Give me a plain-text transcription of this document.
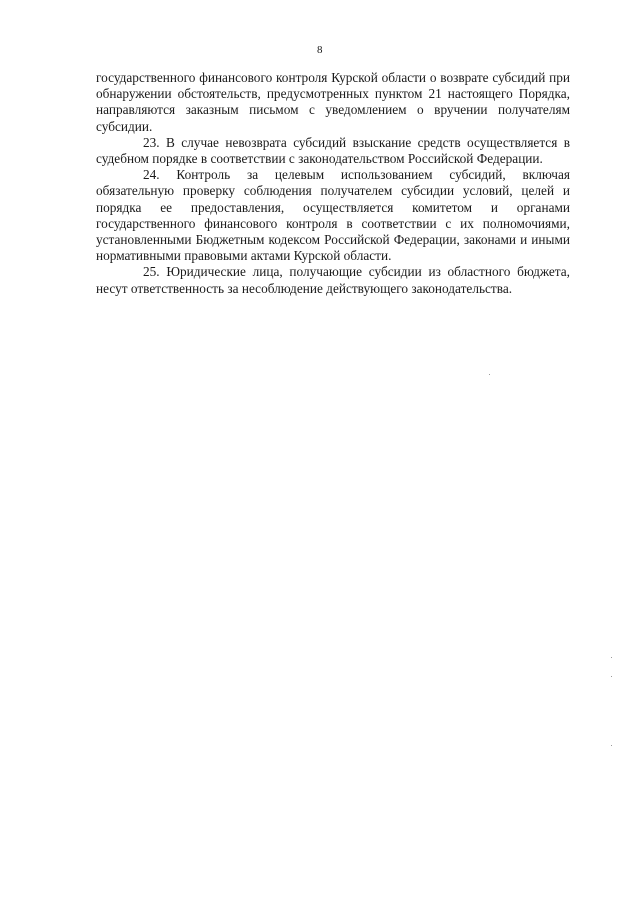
8

государственного финансового контроля Курской области о возврате субсидий при обнаружении обстоятельств, предусмотренных пунктом 21 настоящего Порядка, направляются заказным письмом с уведомлением о вручении получателям субсидии.

23. В случае невозврата субсидий взыскание средств осуществляется в судебном порядке в соответствии с законодательством Российской Федерации.

24. Контроль за целевым использованием субсидий, включая обязательную проверку соблюдения получателем субсидии условий, целей и порядка ее предоставления, осуществляется комитетом и органами государственного финансового контроля в соответствии с их полномочиями, установленными Бюджетным кодексом Российской Федерации, законами и иными нормативными правовыми актами Курской области.

25. Юридические лица, получающие субсидии из областного бюджета, несут ответственность за несоблюдение действующего законодательства.
